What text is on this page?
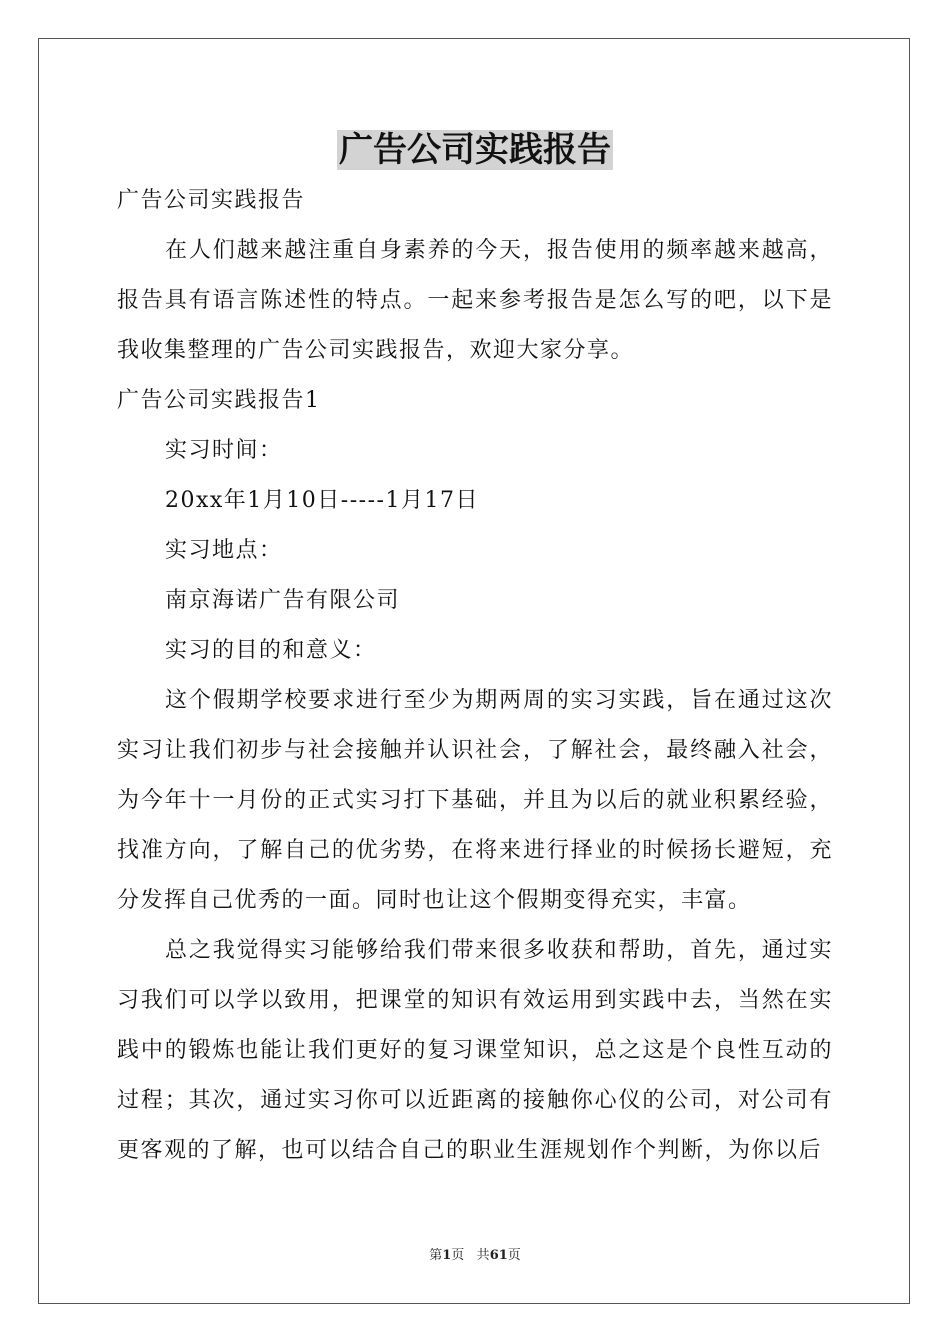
广告公司实践报告

广告公司实践报告

在人们越来越注重自身素养的今天，报告使用的频率越来越高，报告具有语言陈述性的特点。一起来参考报告是怎么写的吧，以下是我收集整理的广告公司实践报告，欢迎大家分享。

广告公司实践报告1

实习时间：

20xx年1月10日-----1月17日

实习地点：

南京海诺广告有限公司

实习的目的和意义：

这个假期学校要求进行至少为期两周的实习实践，旨在通过这次实习让我们初步与社会接触并认识社会，了解社会，最终融入社会，为今年十一月份的正式实习打下基础，并且为以后的就业积累经验，找准方向，了解自己的优劣势，在将来进行择业的时候扬长避短，充分发挥自己优秀的一面。同时也让这个假期变得充实，丰富。

总之我觉得实习能够给我们带来很多收获和帮助，首先，通过实习我们可以学以致用，把课堂的知识有效运用到实践中去，当然在实践中的锻炼也能让我们更好的复习课堂知识，总之这是个良性互动的过程；其次，通过实习你可以近距离的接触你心仪的公司，对公司有更客观的了解，也可以结合自己的职业生涯规划作个判断，为你以后

第1页 共61页
